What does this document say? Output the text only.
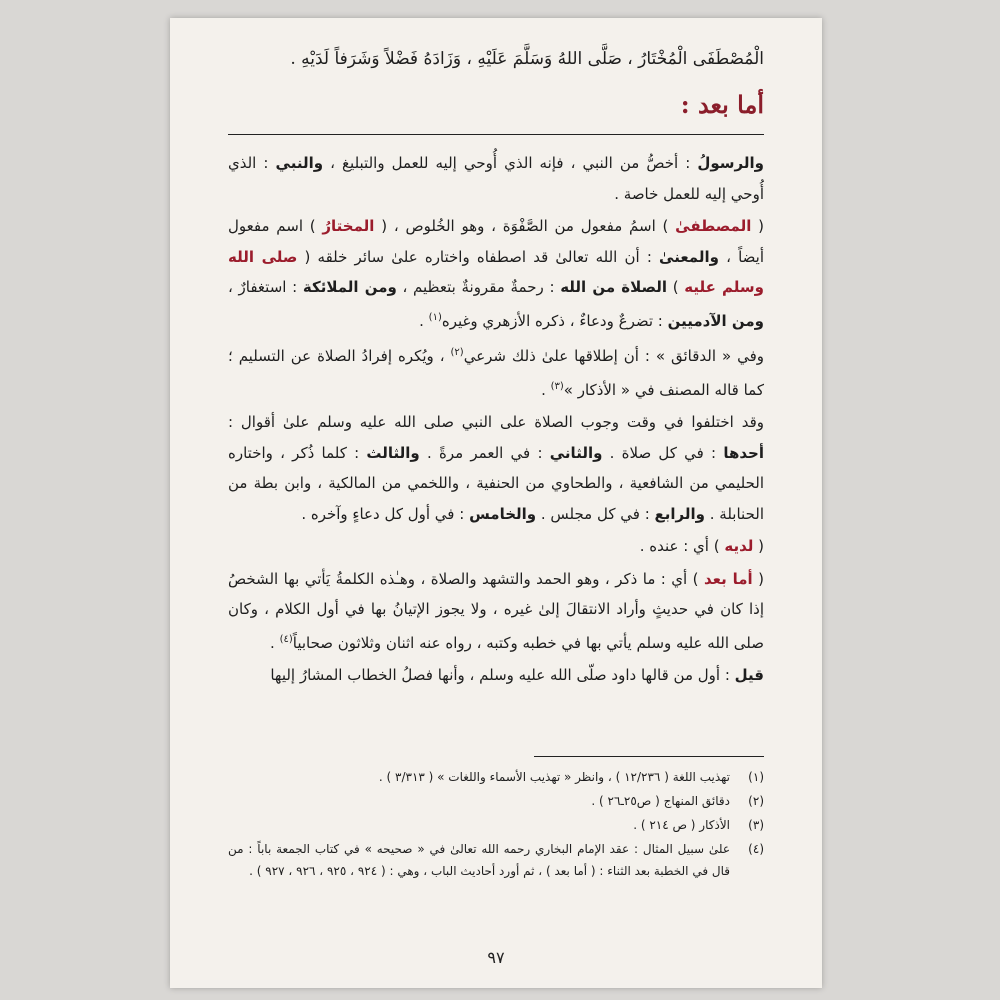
الْمُصْطَفَى الْمُخْتَارُ ، صَلَّى اللهُ وَسَلَّمَ عَلَيْهِ ، وَزَادَهُ فَضْلاً وَشَرَفاً لَدَيْهِ .
أما بعد :

والرسولُ : أخصُّ من النبي ، فإنه الذي أُوحي إليه للعمل والتبليغ ، والنبي : الذي أُوحي إليه للعمل خاصة .

( المصطفىٰ ) اسمُ مفعول من الصَّفْوَة ، وهو الخُلوص ، ( المختارُ ) اسم مفعول أيضاً ، والمعنىٰ : أن الله تعالىٰ قد اصطفاه واختاره علىٰ سائر خلقه ( صلى الله وسلم عليه ) الصلاة من الله : رحمةٌ مقرونةٌ بتعظيم ، ومن الملائكة : استغفارٌ ، ومن الآدميين : تضرعٌ ودعاءٌ ، ذكره الأزهري وغيره$^{(١)}$ .

وفي « الدقائق » : أن إطلاقها علىٰ ذلك شرعي$^{(٢)}$ ، ويُكره إفرادُ الصلاة عن التسليم ؛ كما قاله المصنف في « الأذكار »$^{(٣)}$ .

وقد اختلفوا في وقت وجوب الصلاة على النبي صلى الله عليه وسلم علىٰ أقوال : أحدها : في كل صلاة . والثاني : في العمر مرةً . والثالث : كلما ذُكر ، واختاره الحليمي من الشافعية ، والطحاوي من الحنفية ، واللخمي من المالكية ، وابن بطة من الحنابلة . والرابع : في كل مجلس . والخامس : في أول كل دعاءٍ وآخره .

( لديه ) أي : عنده .

( أما بعد ) أي : ما ذكر ، وهو الحمد والتشهد والصلاة ، وهـٰذه الكلمةُ يَأتي بها الشخصُ إذا كان في حديثٍ وأراد الانتقالَ إلىٰ غيره ، ولا يجوز الإتيانُ بها في أول الكلام ، وكان صلى الله عليه وسلم يأتي بها في خطبه وكتبه ، رواه عنه اثنان وثلاثون صحابياً$^{(٤)}$ .

قيل : أول من قالها داود صلّى الله عليه وسلم ، وأنها فصلُ الخطاب المشارُ إليها

(١)
تهذيب اللغة ( ١٢/٢٣٦ ) ، وانظر « تهذيب الأسماء واللغات » ( ٣/٣١٣ ) .
(٢)
دقائق المنهاج ( ص٢٥ـ٢٦ ) .
(٣)
الأذكار ( ص ٢١٤ ) .
(٤)
علىٰ سبيل المثال : عقد الإمام البخاري رحمه الله تعالىٰ في « صحيحه » في كتاب الجمعة باباً : من قال في الخطبة بعد الثناء : ( أما بعد ) ، ثم أورد أحاديث الباب ، وهي : ( ٩٢٤ ، ٩٢٥ ، ٩٢٦ ، ٩٢٧ ) .
٩٧
